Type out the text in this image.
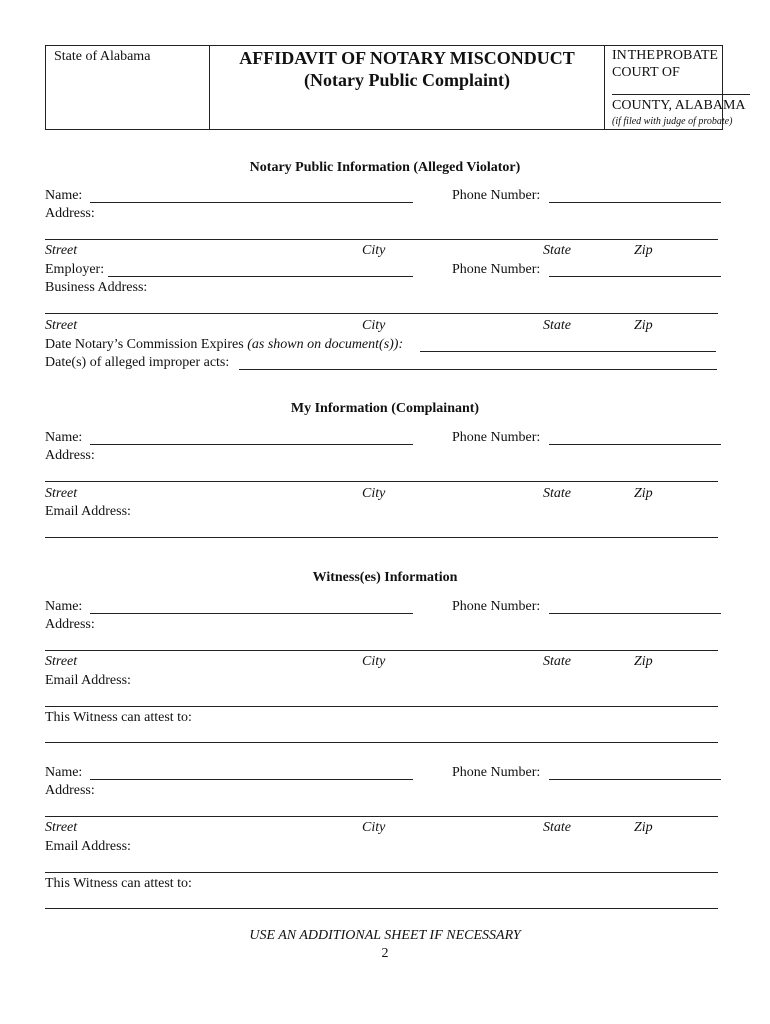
State of Alabama	AFFIDAVIT OF NOTARY MISCONDUCT
(Notary Public Complaint)
IN THE PROBATE
COURT OF
COUNTY, ALABAMA
(if filed with judge of probate)
Notary Public Information (Alleged Violator)
Name:	Phone Number:
Address:
Street	City	State	Zip
Employer:	Phone Number:
Business Address:
Street	City	State	Zip
Date Notary’s Commission Expires (as shown on document(s)):
Date(s) of alleged improper acts:
My Information (Complainant)
Name:	Phone Number:
Address:
Street	City	State	Zip
Email Address:
Witness(es) Information
Name:	Phone Number:
Address:
Street	City	State	Zip
Email Address:
This Witness can attest to:
Name:	Phone Number:
Address:
Street	City	State	Zip
Email Address:
This Witness can attest to:
USE AN ADDITIONAL SHEET IF NECESSARY
2
